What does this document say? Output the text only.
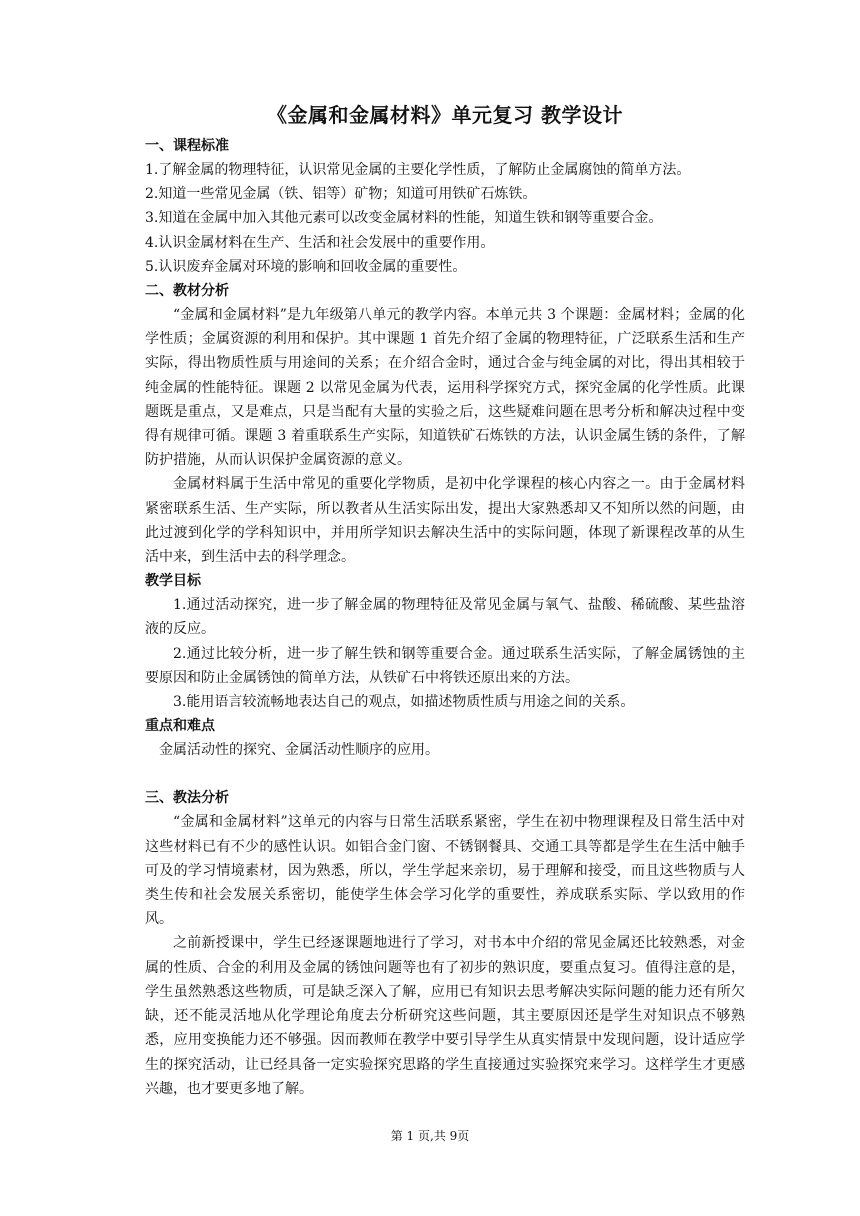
《金属和金属材料》单元复习 教学设计
一、课程标准
1.了解金属的物理特征，认识常见金属的主要化学性质，了解防止金属腐蚀的简单方法。
2.知道一些常见金属（铁、铝等）矿物；知道可用铁矿石炼铁。
3.知道在金属中加入其他元素可以改变金属材料的性能，知道生铁和钢等重要合金。
4.认识金属材料在生产、生活和社会发展中的重要作用。
5.认识废弃金属对环境的影响和回收金属的重要性。
二、教材分析

“金属和金属材料”是九年级第八单元的教学内容。本单元共 3 个课题：金属材料；金属的化学性质；金属资源的利用和保护。其中课题 1 首先介绍了金属的物理特征，广泛联系生活和生产实际，得出物质性质与用途间的关系；在介绍合金时，通过合金与纯金属的对比，得出其相较于纯金属的性能特征。课题 2 以常见金属为代表，运用科学探究方式，探究金属的化学性质。此课题既是重点，又是难点，只是当配有大量的实验之后，这些疑难问题在思考分析和解决过程中变得有规律可循。课题 3 着重联系生产实际，知道铁矿石炼铁的方法，认识金属生锈的条件，了解防护措施，从而认识保护金属资源的意义。

金属材料属于生活中常见的重要化学物质，是初中化学课程的核心内容之一。由于金属材料紧密联系生活、生产实际，所以教者从生活实际出发，提出大家熟悉却又不知所以然的问题，由此过渡到化学的学科知识中，并用所学知识去解决生活中的实际问题，体现了新课程改革的从生活中来，到生活中去的科学理念。

教学目标

1.通过活动探究，进一步了解金属的物理特征及常见金属与氧气、盐酸、稀硫酸、某些盐溶液的反应。

2.通过比较分析，进一步了解生铁和钢等重要合金。通过联系生活实际，了解金属锈蚀的主要原因和防止金属锈蚀的简单方法，从铁矿石中将铁还原出来的方法。

3.能用语言较流畅地表达自己的观点，如描述物质性质与用途之间的关系。

重点和难点

金属活动性的探究、金属活动性顺序的应用。

三、教法分析

“金属和金属材料”这单元的内容与日常生活联系紧密，学生在初中物理课程及日常生活中对这些材料已有不少的感性认识。如铝合金门窗、不锈钢餐具、交通工具等都是学生在生活中触手可及的学习情境素材，因为熟悉，所以，学生学起来亲切，易于理解和接受，而且这些物质与人类生传和社会发展关系密切，能使学生体会学习化学的重要性，养成联系实际、学以致用的作风。

之前新授课中，学生已经逐课题地进行了学习，对书本中介绍的常见金属还比较熟悉，对金属的性质、合金的利用及金属的锈蚀问题等也有了初步的熟识度，要重点复习。值得注意的是，学生虽然熟悉这些物质，可是缺乏深入了解，应用已有知识去思考解决实际问题的能力还有所欠缺，还不能灵活地从化学理论角度去分析研究这些问题，其主要原因还是学生对知识点不够熟悉，应用变换能力还不够强。因而教师在教学中要引导学生从真实情景中发现问题，设计适应学生的探究活动，让已经具备一定实验探究思路的学生直接通过实验探究来学习。这样学生才更感兴趣，也才要更多地了解。

第 1 页,共 9页
